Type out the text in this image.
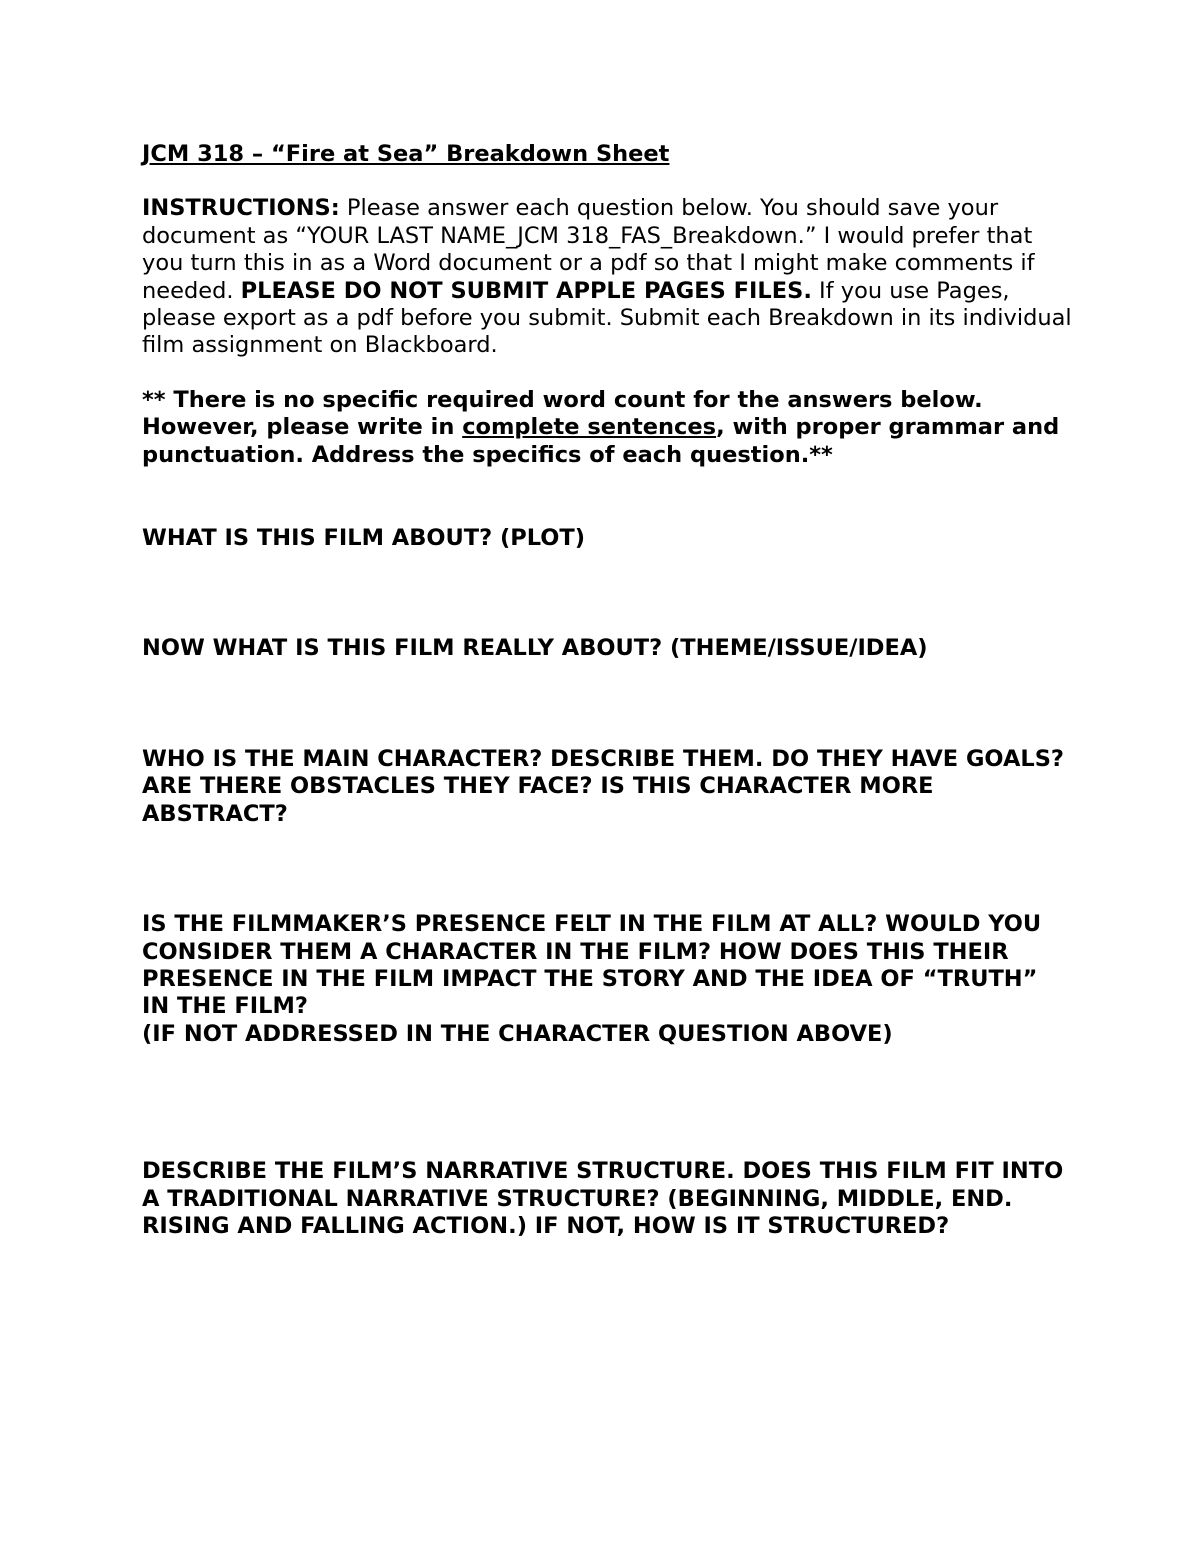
JCM 318 – “Fire at Sea” Breakdown Sheet

INSTRUCTIONS: Please answer each question below. You should save your document as “YOUR LAST NAME_JCM 318_FAS_Breakdown.” I would prefer that you turn this in as a Word document or a pdf so that I might make comments if needed. PLEASE DO NOT SUBMIT APPLE PAGES FILES. If you use Pages, please export as a pdf before you submit. Submit each Breakdown in its individual film assignment on Blackboard.

** There is no specific required word count for the answers below. However, please write in complete sentences, with proper grammar and punctuation. Address the specifics of each question.**

WHAT IS THIS FILM ABOUT? (PLOT)

NOW WHAT IS THIS FILM REALLY ABOUT? (THEME/ISSUE/IDEA)

WHO IS THE MAIN CHARACTER? DESCRIBE THEM. DO THEY HAVE GOALS? ARE THERE OBSTACLES THEY FACE? IS THIS CHARACTER MORE ABSTRACT?

IS THE FILMMAKER’S PRESENCE FELT IN THE FILM AT ALL? WOULD YOU CONSIDER THEM A CHARACTER IN THE FILM? HOW DOES THIS THEIR PRESENCE IN THE FILM IMPACT THE STORY AND THE IDEA OF “TRUTH” IN THE FILM?

(IF NOT ADDRESSED IN THE CHARACTER QUESTION ABOVE)

DESCRIBE THE FILM’S NARRATIVE STRUCTURE. DOES THIS FILM FIT INTO A TRADITIONAL NARRATIVE STRUCTURE? (BEGINNING, MIDDLE, END. RISING AND FALLING ACTION.) IF NOT, HOW IS IT STRUCTURED?
